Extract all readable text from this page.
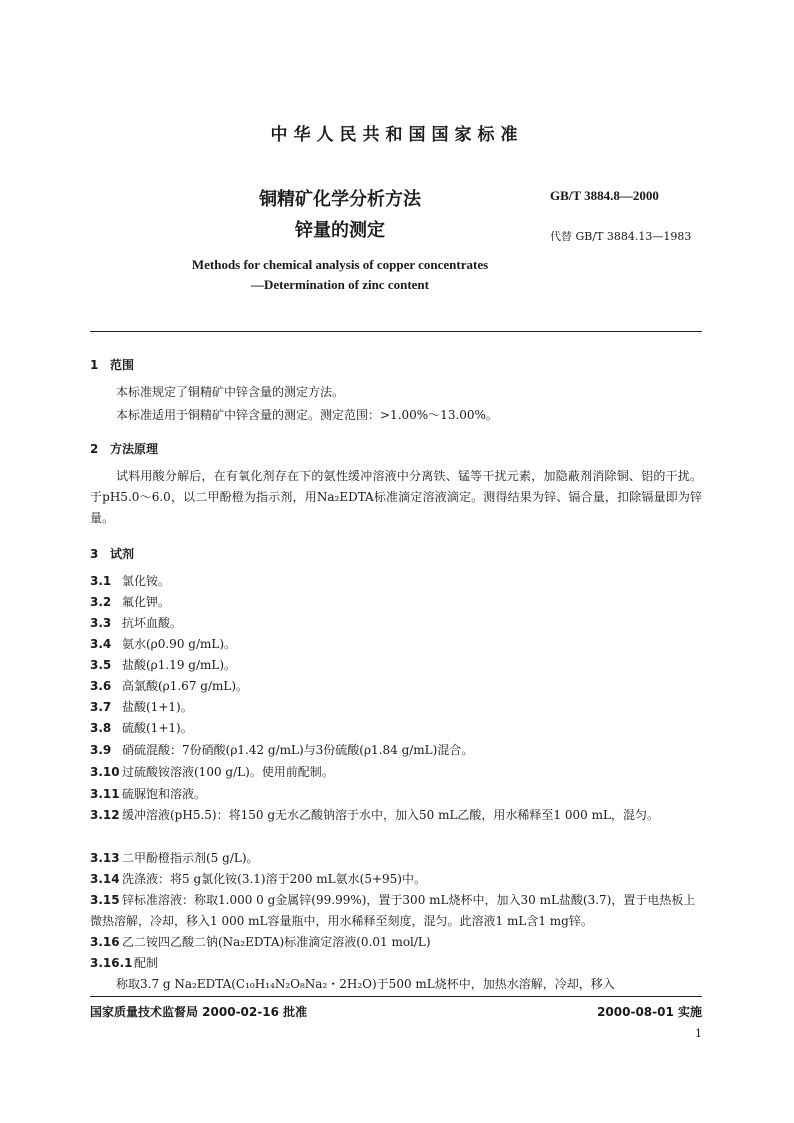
中华人民共和国国家标准
铜精矿化学分析方法
锌量的测定
GB/T 3884.8—2000
代替 GB/T 3884.13—1983
Methods for chemical analysis of copper concentrates
—Determination of zinc content
1 范围
本标准规定了铜精矿中锌含量的测定方法。
本标准适用于铜精矿中锌含量的测定。测定范围：>1.00%～13.00%。
2 方法原理
试料用酸分解后，在有氧化剂存在下的氨性缓冲溶液中分离铁、锰等干扰元素，加隐蔽剂消除铜、铝的干扰。于pH5.0～6.0，以二甲酚橙为指示剂，用Na₂EDTA标准滴定溶液滴定。测得结果为锌、镉合量，扣除镉量即为锌量。
3 试剂
3.1 氯化铵。
3.2 氟化钾。
3.3 抗坏血酸。
3.4 氨水(ρ0.90 g/mL)。
3.5 盐酸(ρ1.19 g/mL)。
3.6 高氯酸(ρ1.67 g/mL)。
3.7 盐酸(1+1)。
3.8 硫酸(1+1)。
3.9 硝硫混酸：7份硝酸(ρ1.42 g/mL)与3份硫酸(ρ1.84 g/mL)混合。
3.10 过硫酸铵溶液(100 g/L)。使用前配制。
3.11 硫脲饱和溶液。
3.12 缓冲溶液(pH5.5)：将150 g无水乙酸钠溶于水中，加入50 mL乙酸，用水稀释至1 000 mL，混匀。
3.13 二甲酚橙指示剂(5 g/L)。
3.14 洗涤液：将5 g氯化铵(3.1)溶于200 mL氨水(5+95)中。
3.15 锌标准溶液：称取1.000 0 g金属锌(99.99%)，置于300 mL烧杯中，加入30 mL盐酸(3.7)，置于电热板上微热溶解，冷却，移入1 000 mL容量瓶中，用水稀释至刻度，混匀。此溶液1 mL含1 mg锌。
3.16 乙二铵四乙酸二钠(Na₂EDTA)标准滴定溶液(0.01 mol/L)
3.16.1配制
称取3.7 g Na₂EDTA(C₁₀H₁₄N₂O₈Na₂・2H₂O)于500 mL烧杯中，加热水溶解，冷却，移入
国家质量技术监督局 2000-02-16 批准	2000-08-01 实施
1
